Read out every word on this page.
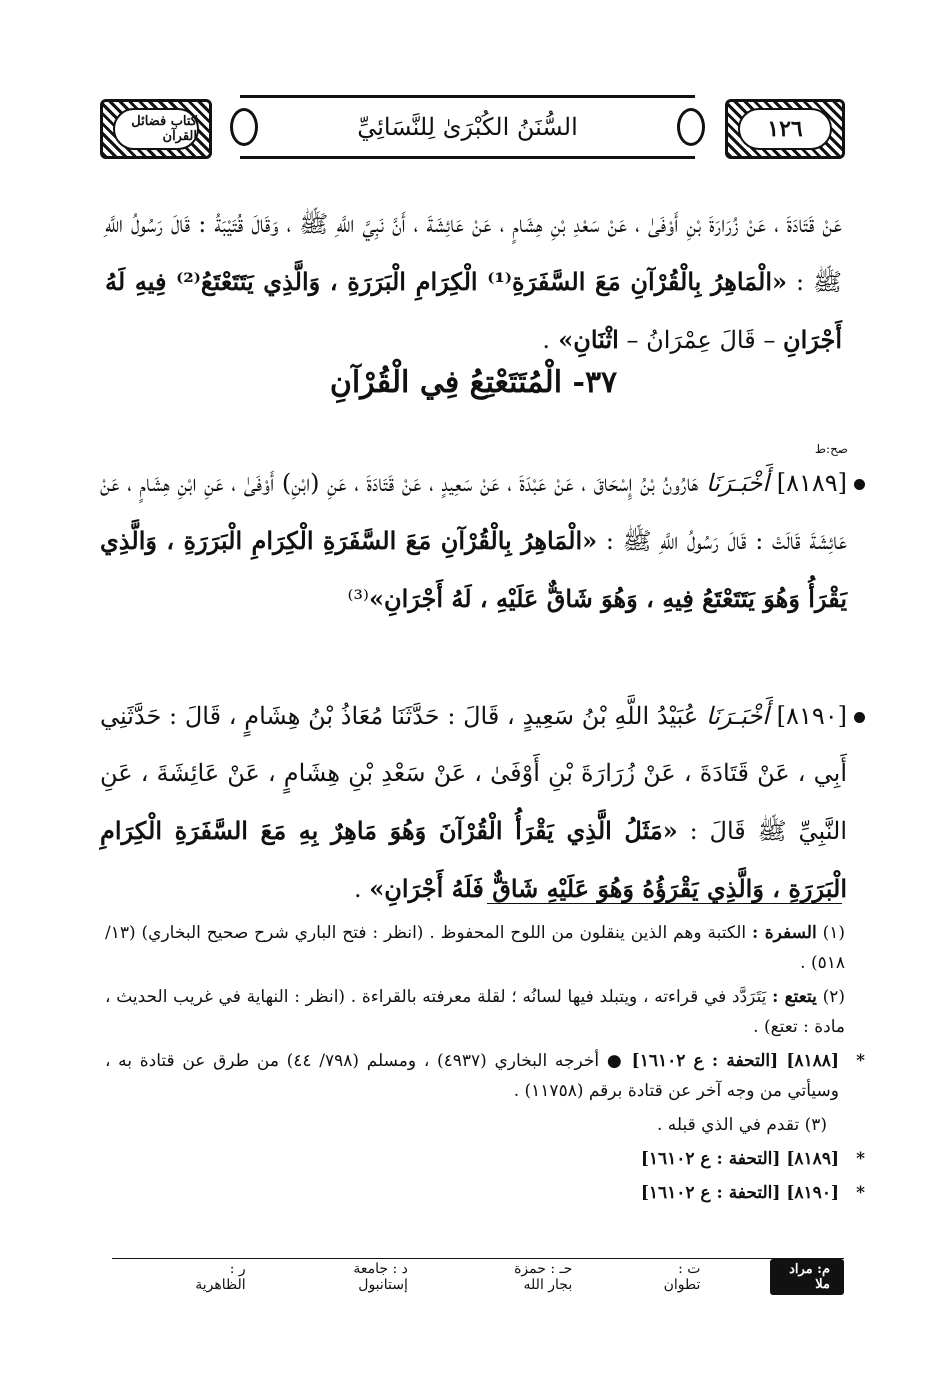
١٢٦
السُّنَنُ الكُبْرَىٰ لِلنَّسَائِيِّ
كتاب فضائل القرآن
عَنْ قَتَادَةَ ، عَنْ زُرَارَةَ بْنِ أَوْفَىٰ ، عَنْ سَعْدِ بْنِ هِشَامٍ ، عَنْ عَائِشَةَ ، أَنَّ نَبِيَّ اللَّهِ ﷺ ، وَقَالَ قُتَيْبَةُ : قَالَ رَسُولُ اللَّهِ ﷺ : «الْمَاهِرُ بِالْقُرْآنِ مَعَ السَّفَرَةِ⁽¹⁾ الْكِرَامِ الْبَرَرَةِ ، وَالَّذِي يَتَتَعْتَعُ⁽²⁾ فِيهِ لَهُ أَجْرَانِ – قَالَ عِمْرَانُ – اثْنَانِ» .
٣٧- الْمُتَتَعْتِعُ فِي الْقُرْآنِ
صح:ط
[٨١٨٩] أَخْبَـرَنَا هَارُونُ بْنُ إِسْحَاقَ ، عَنْ عَبْدَةَ ، عَنْ سَعِيدٍ ، عَنْ قَتَادَةَ ، عَنِ (ابْنِ) أَوْفَىٰ ، عَنِ ابْنِ هِشَامٍ ، عَنْ عَائِشَةَ قَالَتْ : قَالَ رَسُولُ اللَّهِ ﷺ : «الْمَاهِرُ بِالْقُرْآنِ مَعَ السَّفَرَةِ الْكِرَامِ الْبَرَرَةِ ، وَالَّذِي يَقْرَأُ وَهُوَ يَتَتَعْتَعُ فِيهِ ، وَهُوَ شَاقٌّ عَلَيْهِ ، لَهُ أَجْرَانِ»⁽³⁾
[٨١٩٠] أَخْبَـرَنَا عُبَيْدُ اللَّهِ بْنُ سَعِيدٍ ، قَالَ : حَدَّثَنَا مُعَاذُ بْنُ هِشَامٍ ، قَالَ : حَدَّثَنِي أَبِي ، عَنْ قَتَادَةَ ، عَنْ زُرَارَةَ بْنِ أَوْفَىٰ ، عَنْ سَعْدِ بْنِ هِشَامٍ ، عَنْ عَائِشَةَ ، عَنِ النَّبِيِّ ﷺ قَالَ : «مَثَلُ الَّذِي يَقْرَأُ الْقُرْآنَ وَهُوَ مَاهِرٌ بِهِ مَعَ السَّفَرَةِ الْكِرَامِ الْبَرَرَةِ ، وَالَّذِي يَقْرَؤُهُ وَهُوَ عَلَيْهِ شَاقٌّ فَلَهُ أَجْرَانِ» .

(١) السفرة : الكتبة وهم الذين ينقلون من اللوح المحفوظ . (انظر : فتح الباري شرح صحيح البخاري) (١٣/ ٥١٨) .

(٢) يتعتع : يَتَرَدَّد في قراءته ، ويتبلد فيها لسانُه ؛ لقلة معرفته بالقراءة . (انظر : النهاية في غريب الحديث ، مادة : تعتع) .

*
[٨١٨٨] [التحفة : ع ١٦١٠٢] ● أخرجه البخاري (٤٩٣٧) ، ومسلم (٧٩٨/ ٤٤) من طرق عن قتادة به ، وسيأتي من وجه آخر عن قتادة برقم (١١٧٥٨) .

(٣) تقدم في الذي قبله .

*
[٨١٨٩] [التحفة : ع ١٦١٠٢]

*
[٨١٩٠] [التحفة : ع ١٦١٠٢]

م: مراد ملا
ت : تطوان
حـ : حمزة بجار الله
د : جامعة إستانبول
ر : الظاهرية
